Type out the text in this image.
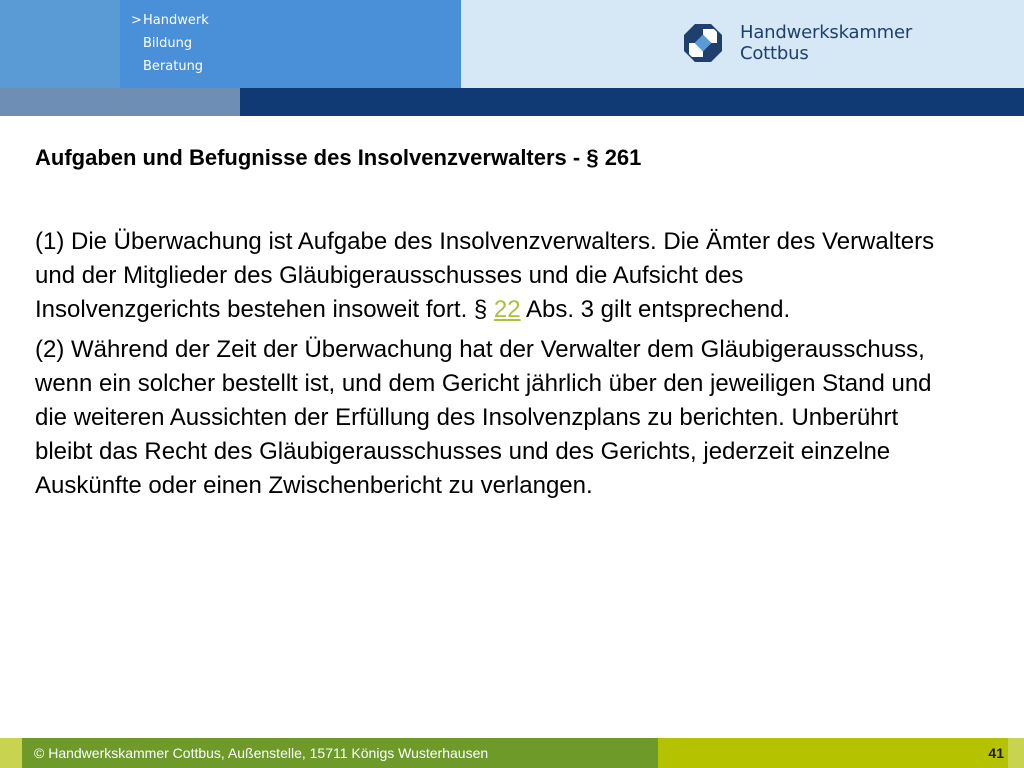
> Handwerk
Bildung
Beratung
Handwerkskammer
Cottbus
Aufgaben und Befugnisse des Insolvenzverwalters - § 261

(1) Die Überwachung ist Aufgabe des Insolvenzverwalters. Die Ämter des Verwalters und der Mitglieder des Gläubigerausschusses und die Aufsicht des Insolvenzgerichts bestehen insoweit fort. § 22 Abs. 3 gilt entsprechend.

(2) Während der Zeit der Überwachung hat der Verwalter dem Gläubigerausschuss, wenn ein solcher bestellt ist, und dem Gericht jährlich über den jeweiligen Stand und die weiteren Aussichten der Erfüllung des Insolvenzplans zu berichten. Unberührt bleibt das Recht des Gläubigerausschusses und des Gerichts, jederzeit einzelne Auskünfte oder einen Zwischenbericht zu verlangen.

© Handwerkskammer Cottbus, Außenstelle, 15711 Königs Wusterhausen	41
